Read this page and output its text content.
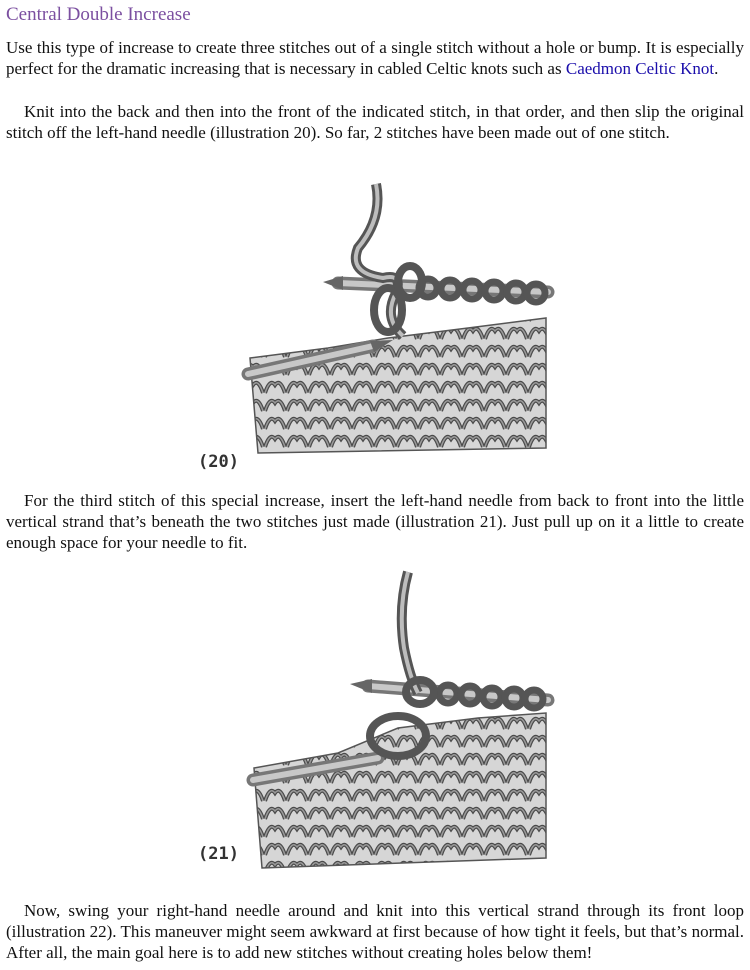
Central Double Increase

Use this type of increase to create three stitches out of a single stitch without a hole or bump. It is especially perfect for the dramatic increasing that is necessary in cabled Celtic knots such as Caedmon Celtic Knot.

Knit into the back and then into the front of the indicated stitch, in that order, and then slip the original stitch off the left-hand needle (illustration 20). So far, 2 stitches have been made out of one stitch.

(20)

For the third stitch of this special increase, insert the left-hand needle from back to front into the little vertical strand that’s beneath the two stitches just made (illustration 21). Just pull up on it a little to create enough space for your needle to fit.

(21)

Now, swing your right-hand needle around and knit into this vertical strand through its front loop (illustration 22). This maneuver might seem awkward at first because of how tight it feels, but that’s normal. After all, the main goal here is to add new stitches without creating holes below them!
